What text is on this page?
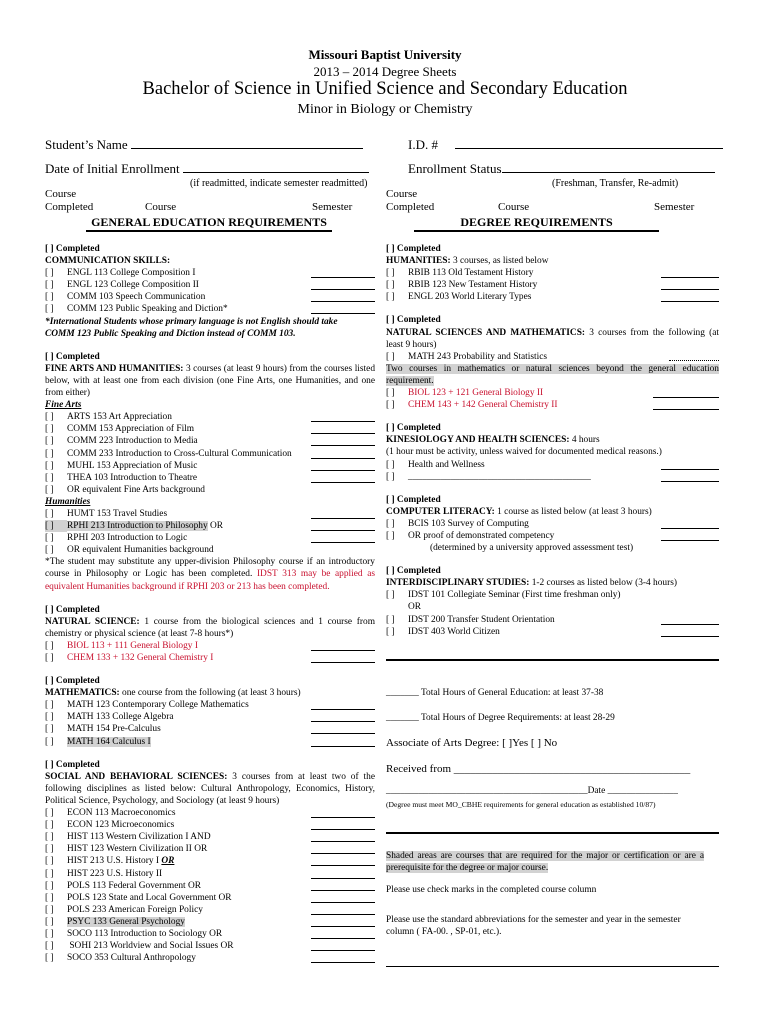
Missouri Baptist University
2013 – 2014 Degree Sheets
Bachelor of Science in Unified Science and Secondary Education
Minor in Biology or Chemistry
Student’s Name	I.D. #
Date of Initial Enrollment	Enrollment Status
(if readmitted, indicate semester readmitted)	(Freshman, Transfer, Re-admit)
Course
Completed	Course	Semester
Course
Completed	Course	Semester
GENERAL EDUCATION REQUIREMENTS	DEGREE REQUIREMENTS
[ ] Completed
COMMUNICATION SKILLS:
[ ] ENGL 113 College Composition I
[ ] ENGL 123 College Composition II
[ ] COMM 103 Speech Communication
[ ] COMM 123 Public Speaking and Diction*
*International Students whose primary language is not English should take
COMM 123 Public Speaking and Diction instead of COMM 103.
[ ] Completed
FINE ARTS AND HUMANITIES: 3 courses (at least 9 hours) from the courses listed below, with at least one from each division (one Fine Arts, one Humanities, and one from either)
Fine Arts
[ ] ARTS 153 Art Appreciation
[ ] COMM 153 Appreciation of Film
[ ] COMM 223 Introduction to Media
[ ] COMM 233 Introduction to Cross-Cultural Communication
[ ] MUHL 153 Appreciation of Music
[ ] THEA 103 Introduction to Theatre
[ ] OR equivalent Fine Arts background
Humanities
[ ] HUMT 153 Travel Studies
[ ] RPHI 213 Introduction to Philosophy OR
[ ] RPHI 203 Introduction to Logic
[ ] OR equivalent Humanities background
*The student may substitute any upper-division Philosophy course if an introductory course in Philosophy or Logic has been completed. IDST 313 may be applied as equivalent Humanities background if RPHI 203 or 213 has been completed.
[ ] Completed
NATURAL SCIENCE: 1 course from the biological sciences and 1 course from chemistry or physical science (at least 7-8 hours*)
[ ] BIOL 113 + 111 General Biology I
[ ] CHEM 133 + 132 General Chemistry I
[ ] Completed
MATHEMATICS: one course from the following (at least 3 hours)
[ ] MATH 123 Contemporary College Mathematics
[ ] MATH 133 College Algebra
[ ] MATH 154 Pre-Calculus
[ ] MATH 164 Calculus I
[ ] Completed
SOCIAL AND BEHAVIORAL SCIENCES: 3 courses from at least two of the following disciplines as listed below: Cultural Anthropology, Economics, History, Political Science, Psychology, and Sociology (at least 9 hours)
[ ] ECON 113 Macroeconomics
[ ] ECON 123 Microeconomics
[ ] HIST 113 Western Civilization I AND
[ ] HIST 123 Western Civilization II OR
[ ] HIST 213 U.S. History I OR
[ ] HIST 223 U.S. History II
[ ] POLS 113 Federal Government OR
[ ] POLS 123 State and Local Government OR
[ ] POLS 233 American Foreign Policy
[ ] PSYC 133 General Psychology
[ ] SOCO 113 Introduction to Sociology OR
[ ] SOHI 213 Worldview and Social Issues OR
[ ] SOCO 353 Cultural Anthropology
[ ] Completed
HUMANITIES: 3 courses, as listed below
[ ] RBIB 113 Old Testament History
[ ] RBIB 123 New Testament History
[ ] ENGL 203 World Literary Types
[ ] Completed
NATURAL SCIENCES AND MATHEMATICS: 3 courses from the following (at least 9 hours)
[ ] MATH 243 Probability and Statistics
Two courses in mathematics or natural sciences beyond the general education requirement.
[ ] BIOL 123 + 121 General Biology II
[ ] CHEM 143 + 142 General Chemistry II
[ ] Completed
KINESIOLOGY AND HEALTH SCIENCES: 4 hours
(1 hour must be activity, unless waived for documented medical reasons.)
[ ] Health and Wellness
[ ] _______________________________________
[ ] Completed
COMPUTER LITERACY: 1 course as listed below (at least 3 hours)
[ ] BCIS 103 Survey of Computing
[ ] OR proof of demonstrated competency
(determined by a university approved assessment test)
[ ] Completed
INTERDISCIPLINARY STUDIES: 1-2 courses as listed below (3-4 hours)
[ ] IDST 101 Collegiate Seminar (First time freshman only)
OR
[ ] IDST 200 Transfer Student Orientation
[ ] IDST 403 World Citizen
_______ Total Hours of General Education: at least 37-38
_______ Total Hours of Degree Requirements: at least 28-29
Associate of Arts Degree: [ ]Yes [ ] No
Received from ___________________________________________
___________________________________________Date _______________
(Degree must meet MO_CBHE requirements for general education as established 10/87)
Shaded areas are courses that are required for the major or certification or are a prerequisite for the degree or major course.
Please use check marks in the completed course column
Please use the standard abbreviations for the semester and year in the semester column ( FA-00. , SP-01, etc.).
